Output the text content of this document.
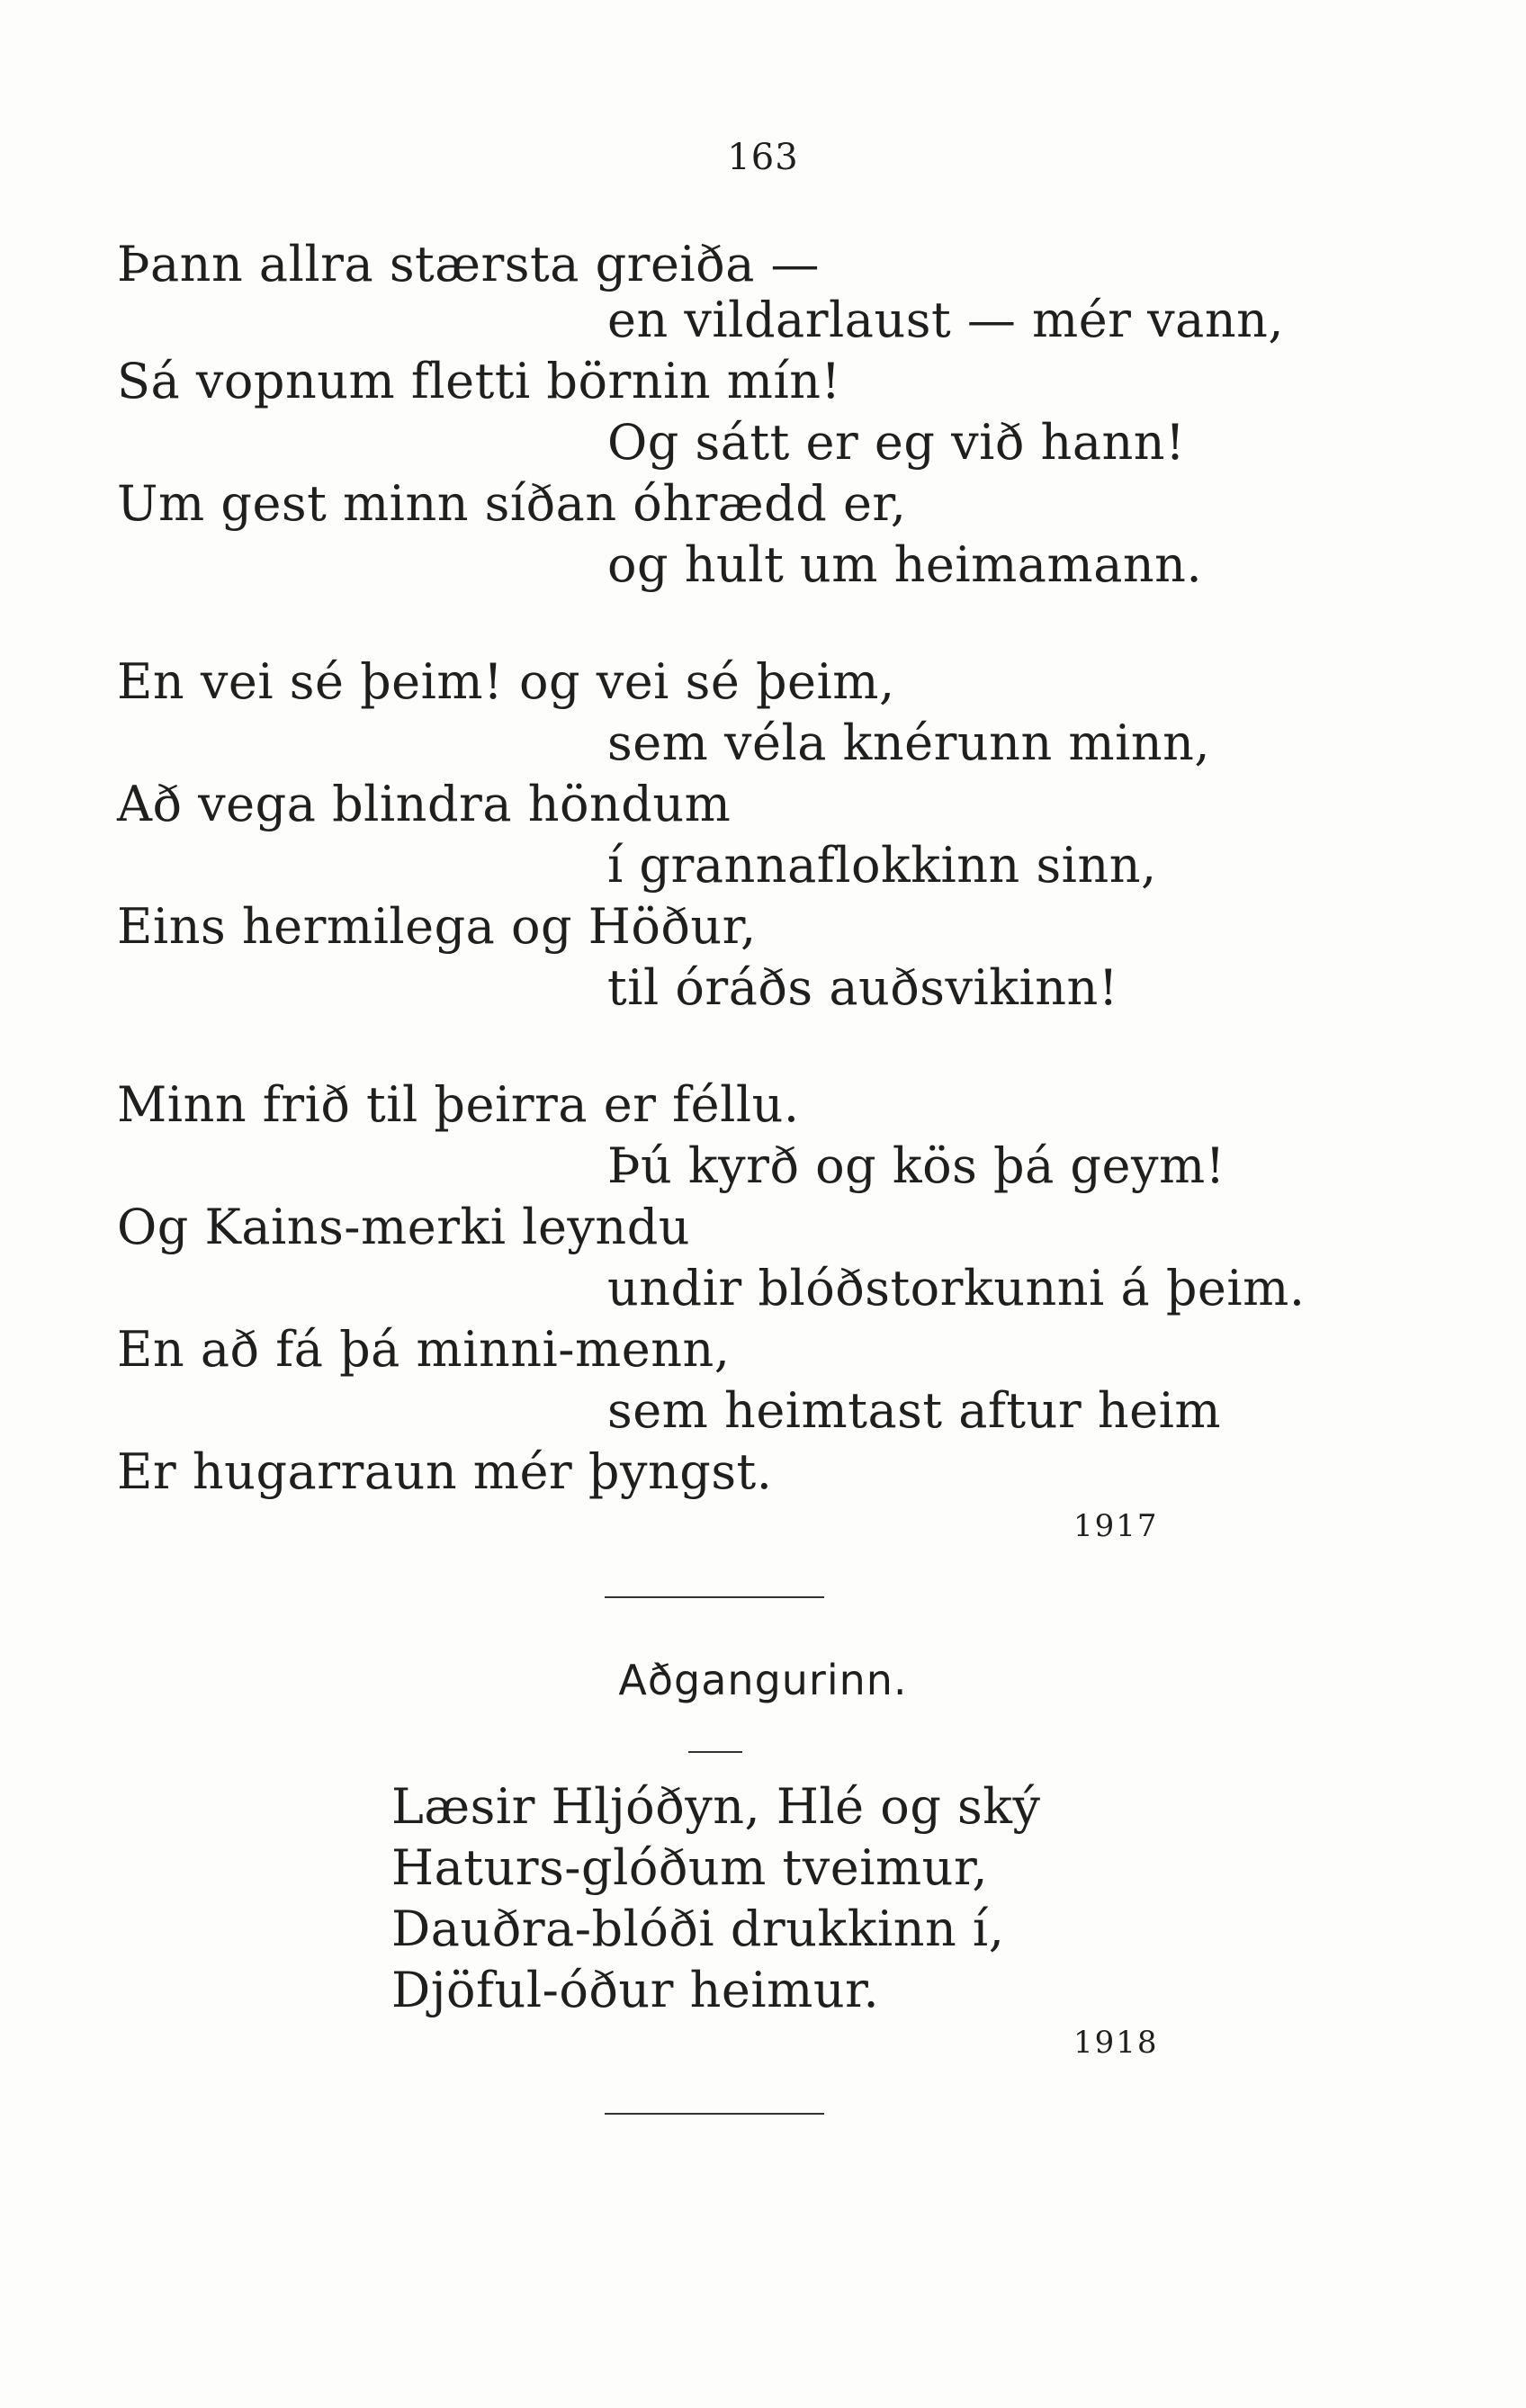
163
Þann allra stærsta greiða —
en vildarlaust — mér vann,
Sá vopnum fletti börnin mín!
Og sátt er eg við hann!
Um gest minn síðan óhrædd er,
og hult um heimamann.
En vei sé þeim! og vei sé þeim,
sem véla knérunn minn,
Að vega blindra höndum
í grannaflokkinn sinn,
Eins hermilega og Höður,
til óráðs auðsvikinn!
Minn frið til þeirra er féllu.
Þú kyrð og kös þá geym!
Og Kains-merki leyndu
undir blóðstorkunni á þeim.
En að fá þá minni-menn,
sem heimtast aftur heim
Er hugarraun mér þyngst.
1917
Aðgangurinn.
Læsir Hljóðyn, Hlé og ský
Haturs-glóðum tveimur,
Dauðra-blóði drukkinn í,
Djöful-óður heimur.
1918
